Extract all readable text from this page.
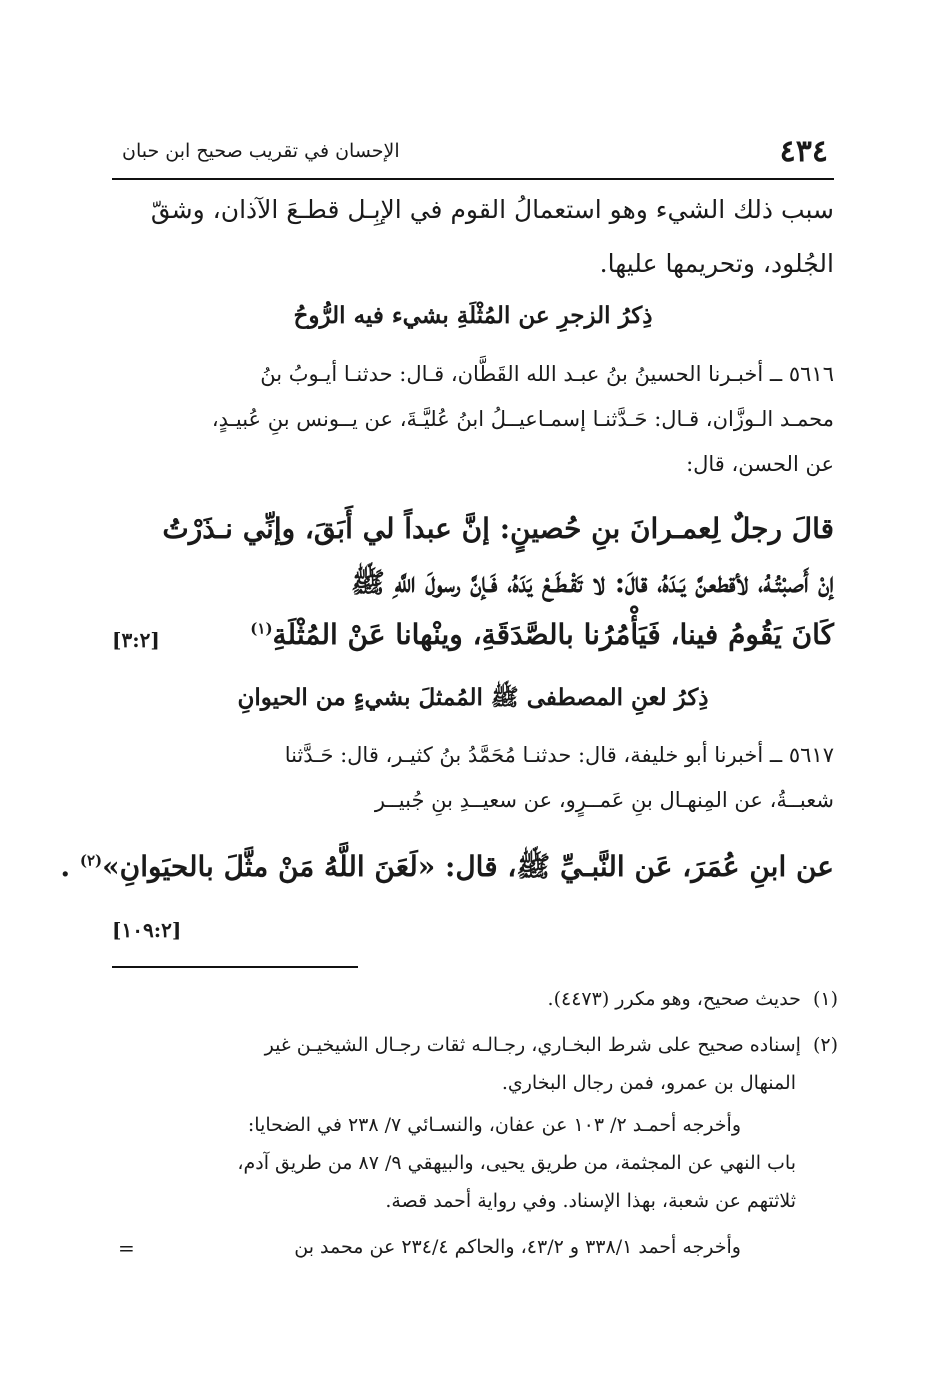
٤٣٤
الإحسان في تقريب صحيح ابن حبان
سبب ذلك الشيء وهو استعمالُ القوم في الإبِـل قطـعَ الآذان، وشقّ
الجُلود، وتحريمها عليها.
ذِكرُ الزجرِ عن المُثْلَةِ بشيء فيه الرُّوحُ
٥٦١٦ ــ أخبـرنا الحسينُ بنُ عبـد الله القَطَّان، قـال: حدثنـا أيـوبُ بنُ
محمـد الـوزَّان، قـال: حَـدَّثنـا إسمـاعيــلُ ابنُ عُليَّـةَ، عن يــونس بنِ عُبيـدٍ،
عن الحسن، قال:
قالَ رجلٌ لِعمـرانَ بنِ حُصينٍ: إنَّ عبداً لي أَبَقَ، وإنِّي نـذَرْتُ
إنْ أَصبْتُـهُ، لأقطعنَّ يَـدَهُ، قالَ: لا تَقْـطَـعْ يَدَهُ، فَـإنَّ رسولَ اللَّهِ ﷺ
كَانَ يَقُومُ فينا، فَيَأْمُرُنا بالصَّدَقَةِ، وينْهانا عَنْ المُثْلَةِ$^{(١)}$
[٣:٢]
ذِكرُ لعنِ المصطفى ﷺ المُمثلَ بشيءٍ من الحيوانِ
٥٦١٧ ــ أخبرنا أبو خليفة، قال: حدثنـا مُحَمَّدُ بنُ كثيـر، قال: حَـدَّثنا
شعبــةُ، عن المِنهـال بنِ عَمــرٍو، عن سعيــدِ بنِ جُبيــر
عن ابنِ عُمَرَ، عَن النَّبـيِّ ﷺ، قال: «لَعَنَ اللَّهُ مَنْ مثَّلَ بالحيَوانِ»$^{(٢)}$ .
[١٠٩:٢]
(١)حديث صحيح، وهو مكرر (٤٤٧٣).
(٢)إسناده صحيح على شرط البخـاري، رجـالـه ثقات رجـال الشيخيـن غير
المنهال بن عمرو، فمن رجال البخاري.
وأخرجه أحمـد ٢/ ١٠٣ عن عفان، والنسـائي ٧/ ٢٣٨ في الضحايا:
باب النهي عن المجثمة، من طريق يحيى، والبيهقي ٩/ ٨٧ من طريق آدم،
ثلاثتهم عن شعبة، بهذا الإسناد. وفي رواية أحمد قصة.
وأخرجه أحمد ٣٣٨/١ و ٤٣/٢، والحاكم ٢٣٤/٤ عن محمد بن
=
